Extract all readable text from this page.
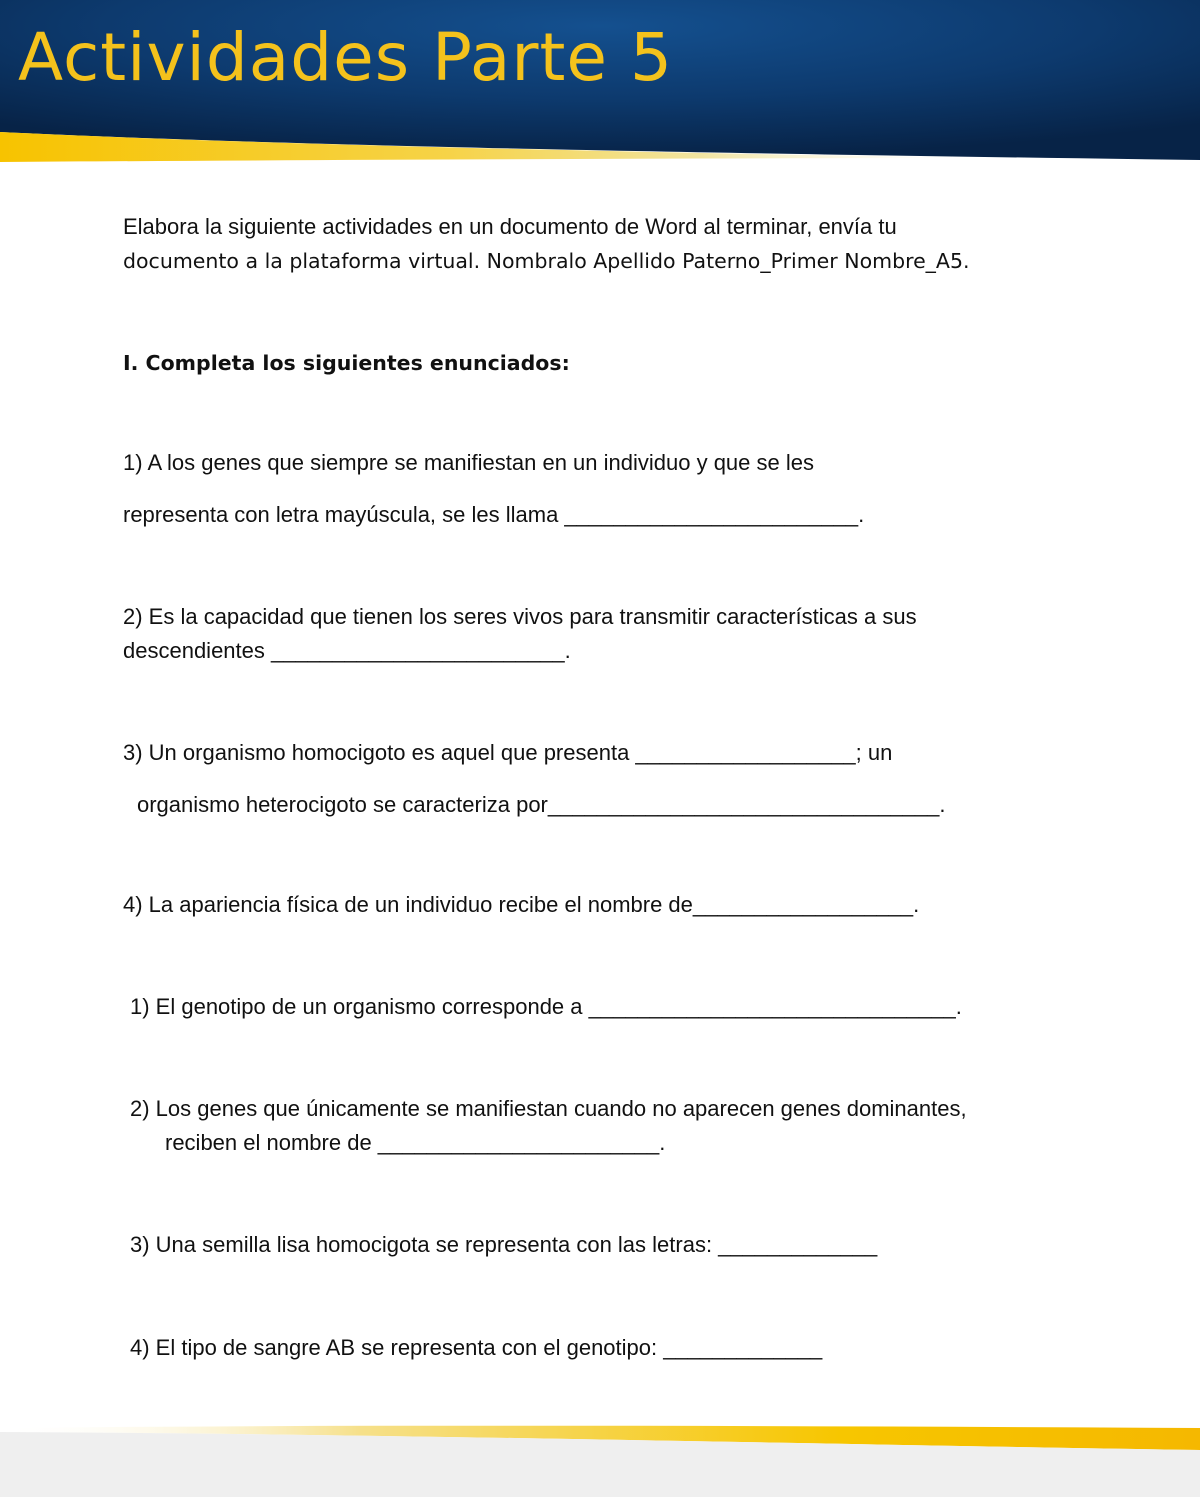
Actividades Parte 5

Elabora la siguiente actividades en un documento de Word al terminar, envía tu

documento a la plataforma virtual. Nombralo Apellido Paterno_Primer Nombre_A5.

I. Completa los siguientes enunciados:

1) A los genes que siempre se manifiestan en un individuo y que se les

representa con letra mayúscula, se les llama ________________________.

2) Es la capacidad que tienen los seres vivos para transmitir características a sus

descendientes ________________________.

3) Un organismo homocigoto es aquel que presenta __________________; un

organismo heterocigoto se caracteriza por________________________________.

4) La apariencia física de un individuo recibe el nombre de__________________.

1) El genotipo de un organismo corresponde a ______________________________.

2) Los genes que únicamente se manifiestan cuando no aparecen genes dominantes,

reciben el nombre de _______________________.

3) Una semilla lisa homocigota se representa con las letras: _____________

4) El tipo de sangre AB se representa con el genotipo: _____________
